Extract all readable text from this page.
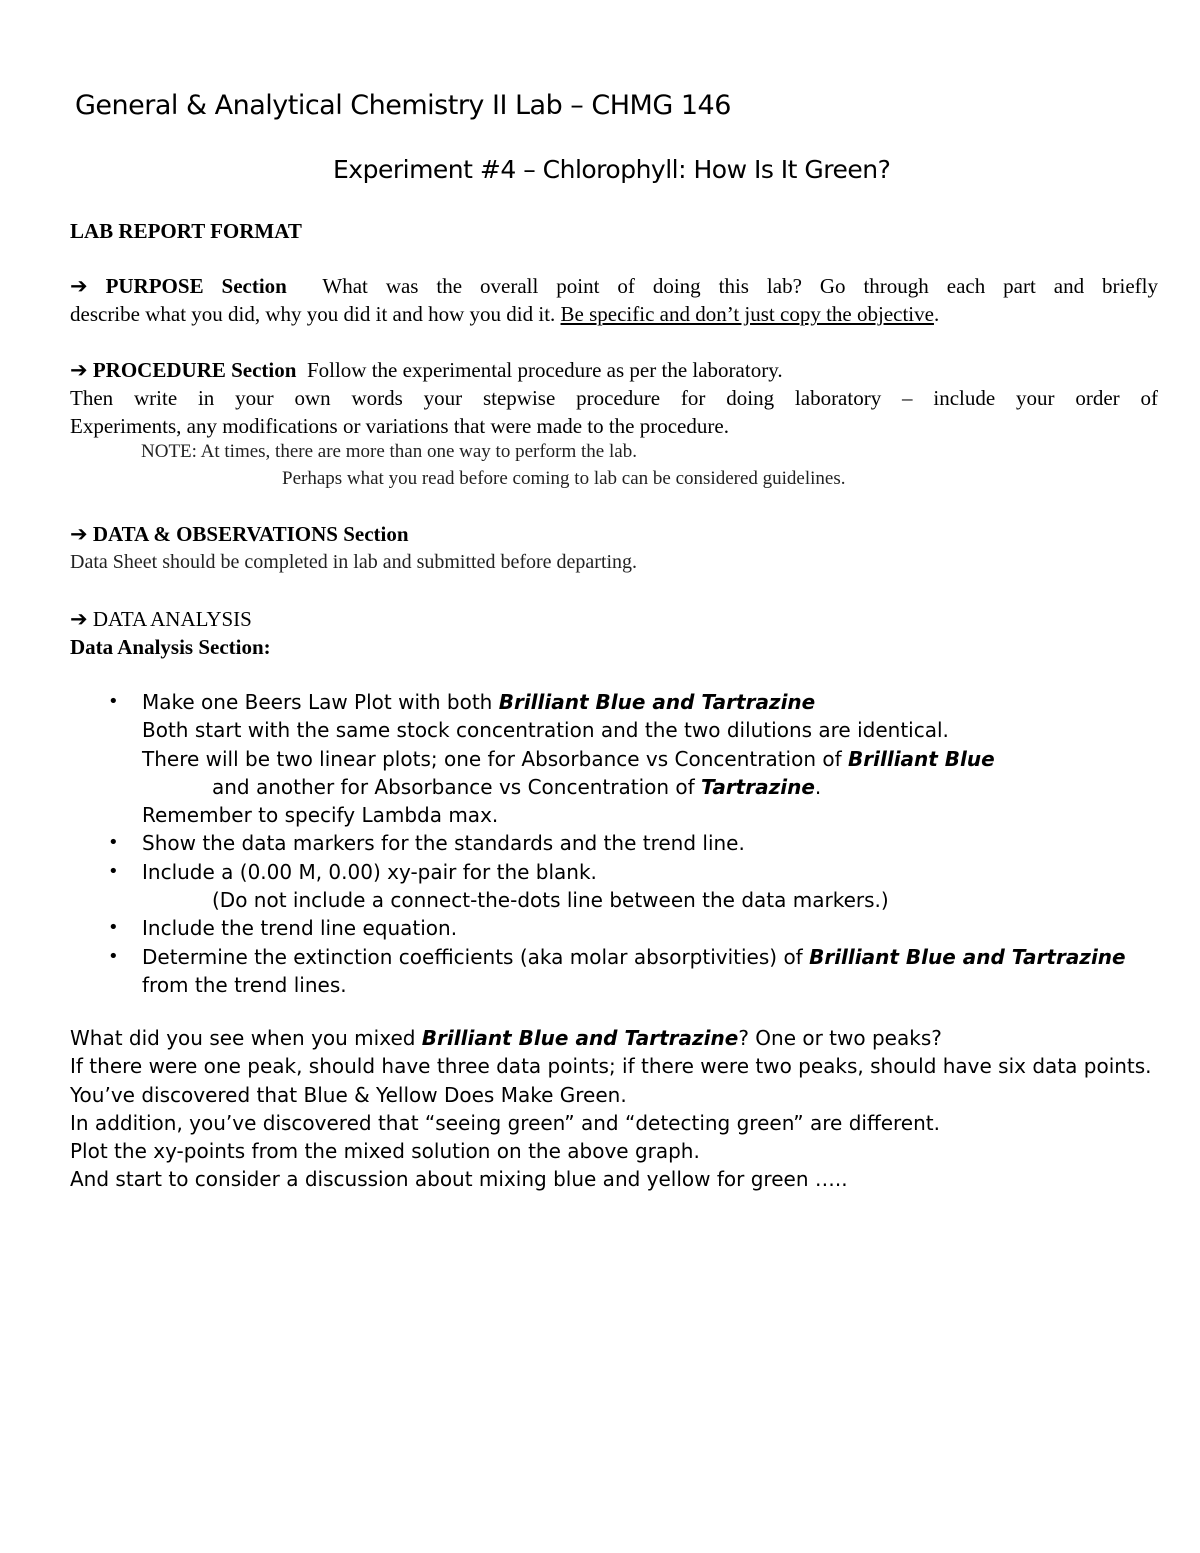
General & Analytical Chemistry II Lab – CHMG 146
Experiment #4 – Chlorophyll: How Is It Green?
LAB REPORT FORMAT
➔ PURPOSE Section What was the overall point of doing this lab? Go through each part and briefly
describe what you did, why you did it and how you did it. Be specific and don’t just copy the objective.
➔ PROCEDURE Section Follow the experimental procedure as per the laboratory.
Then write in your own words your stepwise procedure for doing laboratory – include your order of
Experiments, any modifications or variations that were made to the procedure.
NOTE: At times, there are more than one way to perform the lab.
Perhaps what you read before coming to lab can be considered guidelines.
➔ DATA & OBSERVATIONS Section
Data Sheet should be completed in lab and submitted before departing.
➔ DATA ANALYSIS
Data Analysis Section:
• Make one Beers Law Plot with both Brilliant Blue and Tartrazine
Both start with the same stock concentration and the two dilutions are identical.
There will be two linear plots; one for Absorbance vs Concentration of Brilliant Blue
and another for Absorbance vs Concentration of Tartrazine.
Remember to specify Lambda max.
• Show the data markers for the standards and the trend line.
• Include a (0.00 M, 0.00) xy-pair for the blank.
(Do not include a connect-the-dots line between the data markers.)
• Include the trend line equation.
• Determine the extinction coefficients (aka molar absorptivities) of Brilliant Blue and Tartrazine
from the trend lines.
What did you see when you mixed Brilliant Blue and Tartrazine? One or two peaks?
If there were one peak, should have three data points; if there were two peaks, should have six data points.
You’ve discovered that Blue & Yellow Does Make Green.
In addition, you’ve discovered that “seeing green” and “detecting green” are different.
Plot the xy-points from the mixed solution on the above graph.
And start to consider a discussion about mixing blue and yellow for green …..
